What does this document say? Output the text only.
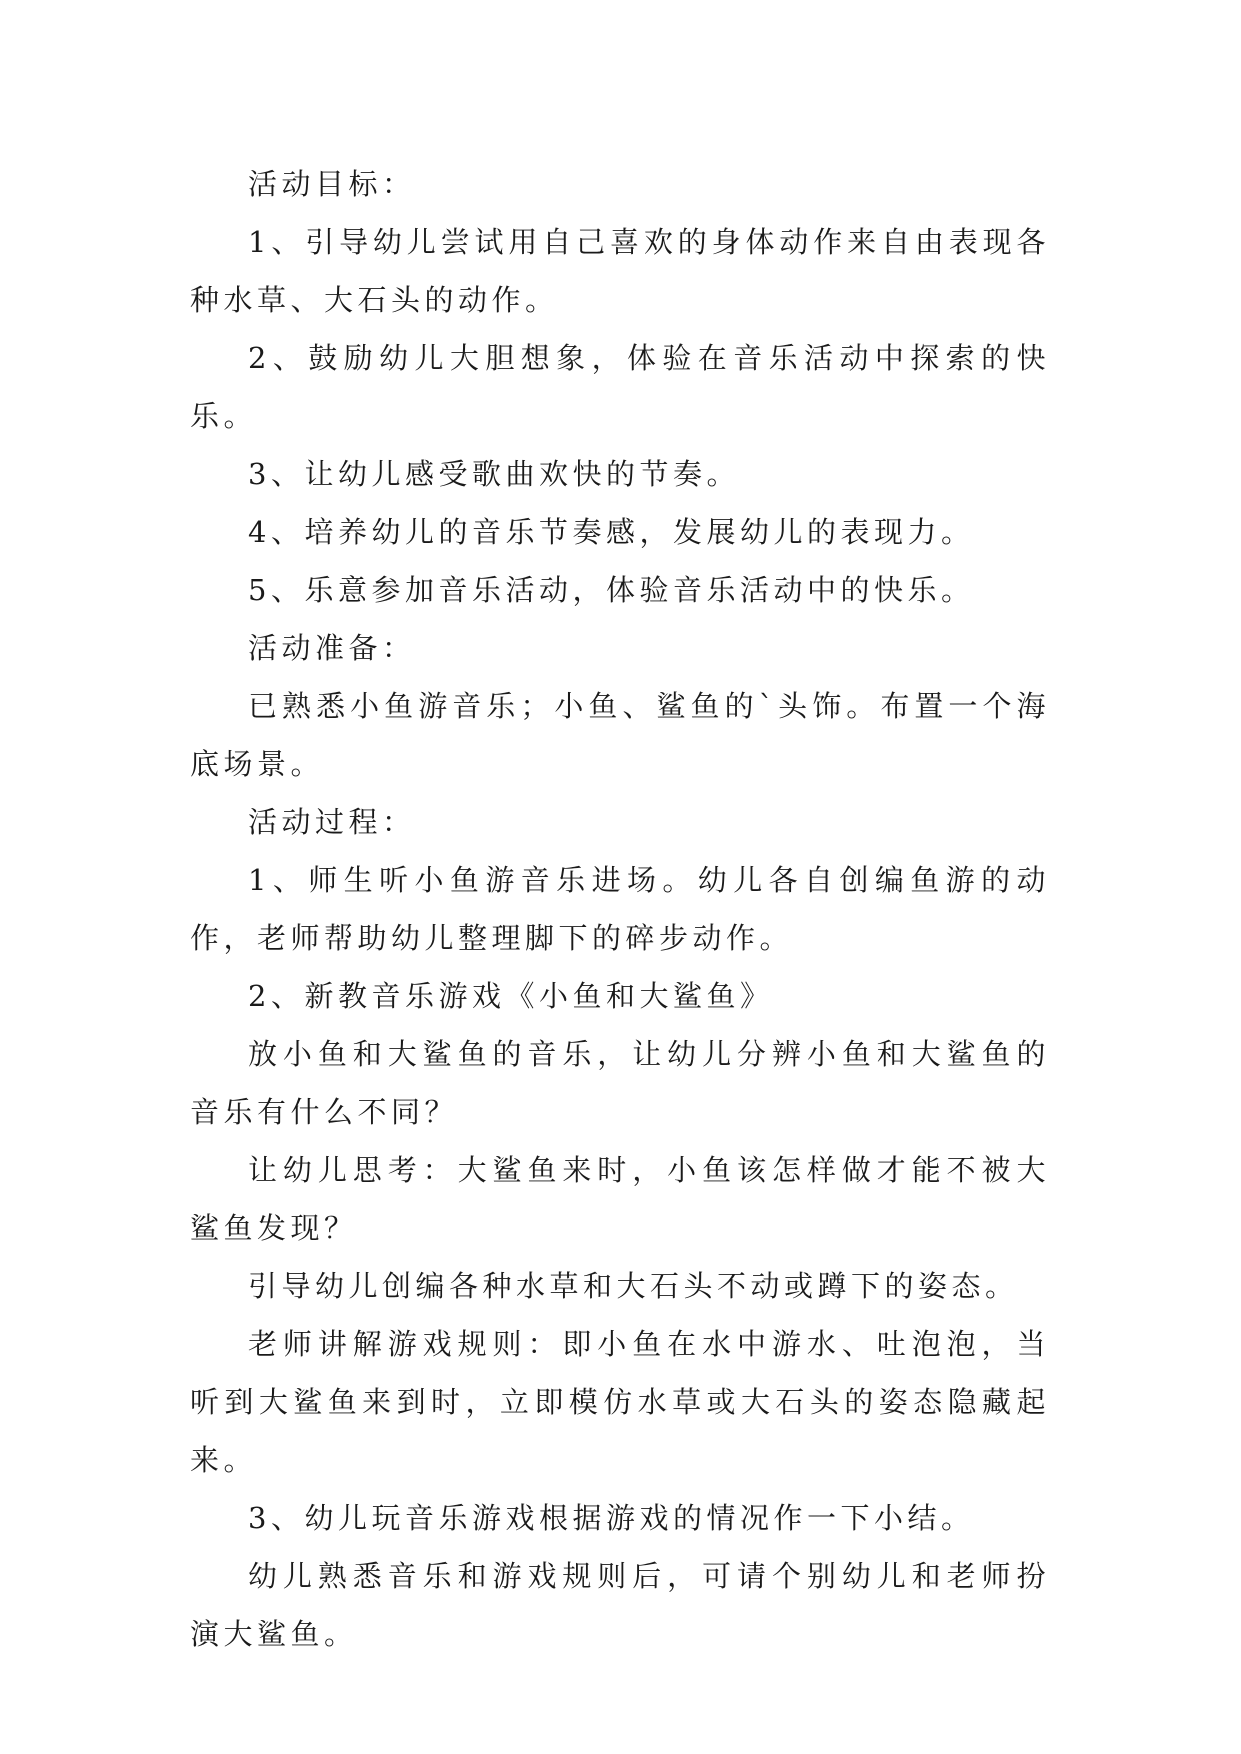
活动目标：

1、引导幼儿尝试用自己喜欢的身体动作来自由表现各种水草、大石头的动作。

2、鼓励幼儿大胆想象，体验在音乐活动中探索的快乐。

3、让幼儿感受歌曲欢快的节奏。

4、培养幼儿的音乐节奏感，发展幼儿的表现力。

5、乐意参加音乐活动，体验音乐活动中的快乐。

活动准备：

已熟悉小鱼游音乐；小鱼、鲨鱼的`头饰。布置一个海底场景。

活动过程：

1、师生听小鱼游音乐进场。幼儿各自创编鱼游的动作，老师帮助幼儿整理脚下的碎步动作。

2、新教音乐游戏《小鱼和大鲨鱼》

放小鱼和大鲨鱼的音乐，让幼儿分辨小鱼和大鲨鱼的音乐有什么不同？

让幼儿思考：大鲨鱼来时，小鱼该怎样做才能不被大鲨鱼发现？

引导幼儿创编各种水草和大石头不动或蹲下的姿态。

老师讲解游戏规则：即小鱼在水中游水、吐泡泡，当听到大鲨鱼来到时，立即模仿水草或大石头的姿态隐藏起来。

3、幼儿玩音乐游戏根据游戏的情况作一下小结。

幼儿熟悉音乐和游戏规则后，可请个别幼儿和老师扮演大鲨鱼。
